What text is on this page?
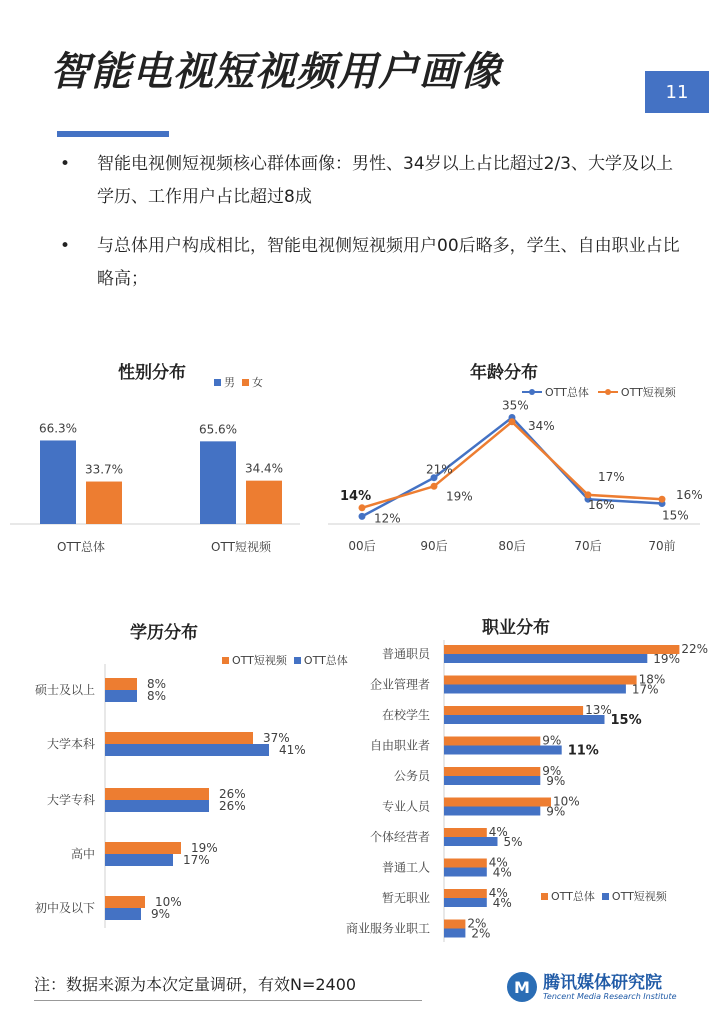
智能电视短视频用户画像	11
• 智能电视侧短视频核心群体画像：男性、34岁以上占比超过2/3、大学及以上学历、工作用户占比超过8成
• 与总体用户构成相比，智能电视侧短视频用户00后略多，学生、自由职业占比略高；
性别分布	男 女
66.3%
33.7%
OTT总体
65.6%
34.4%
OTT短视频
年龄分布
OTT总体	OTT短视频
12%
21%
35%
16%
15%
14%	19%
34%
17%
16%
00后	90后	80后	70后	70前
学历分布
OTT短视频 OTT总体
8%
8%
硕士及以上
37%
41%
大学本科
26%
26%
大学专科
19%
17%
高中
10%
9%
初中及以下
职业分布
OTT总体 OTT短视频
22%
19%
普通职员
18%
17%
企业管理者
13%
15%
在校学生
9%
11%
自由职业者
9%
9%
公务员
10%
9%
专业人员
4%
5%
个体经营者
4%
4%
普通工人
4%
4%
暂无职业
2%
2%
商业服务业职工
注：数据来源为本次定量调研，有效N=2400	M 腾讯媒体研究院
Tencent Media Research Institute
